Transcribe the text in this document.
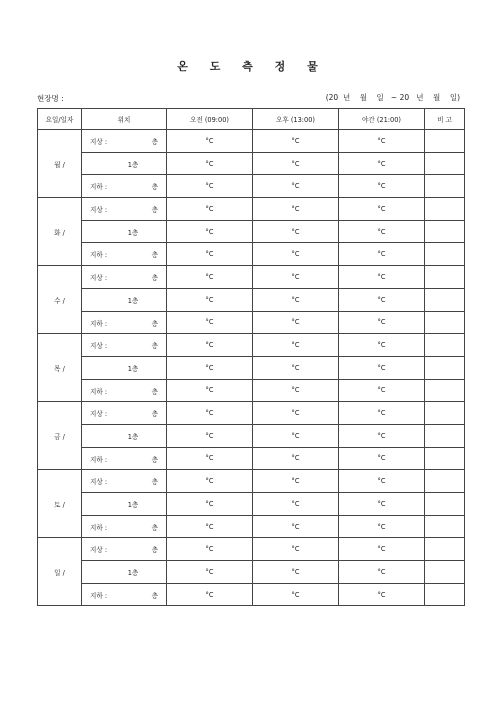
온 도 측 정 물
현장명 :	(20  년    월    일   ~ 20   년    월    일)
요일/일자	위치	오전 (09:00)	오후 (13:00)	야간 (21:00)	비 고
월 /	지상 : 층	°C	°C	°C	
	1층	°C	°C	°C	

	지하 : 층	°C	°C	°C	
화 /	지상 : 층	°C	°C	°C	
	1층	°C	°C	°C	

	지하 : 층	°C	°C	°C	
수 /	지상 : 층	°C	°C	°C	
	1층	°C	°C	°C	

	지하 : 층	°C	°C	°C	
목 /	지상 : 층	°C	°C	°C	
	1층	°C	°C	°C	

	지하 : 층	°C	°C	°C	
금 /	지상 : 층	°C	°C	°C	
	1층	°C	°C	°C	

	지하 : 층	°C	°C	°C	
토 /	지상 : 층	°C	°C	°C	
	1층	°C	°C	°C	

	지하 : 층	°C	°C	°C	
일 /	지상 : 층	°C	°C	°C	
	1층	°C	°C	°C	

	지하 : 층	°C	°C	°C	
